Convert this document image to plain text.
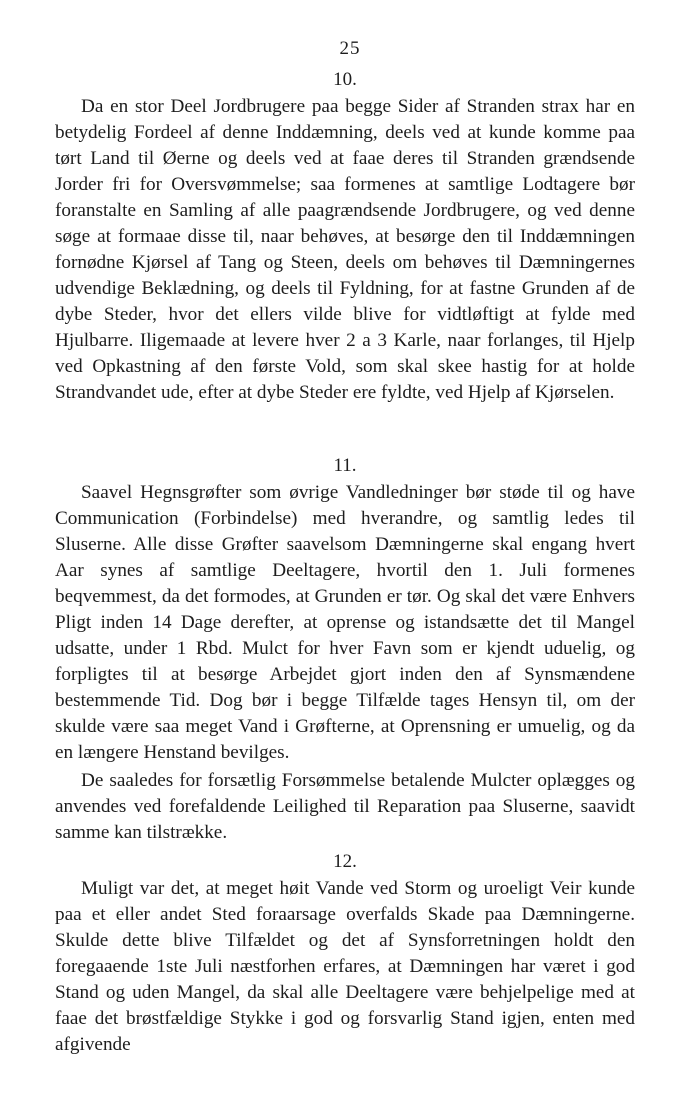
25
10.

Da en stor Deel Jordbrugere paa begge Sider af Stranden strax har en betydelig Fordeel af denne Inddæmning, deels ved at kunde komme paa tørt Land til Øerne og deels ved at faae deres til Stranden grændsende Jorder fri for Oversvømmelse; saa formenes at samtlige Lodtagere bør foranstalte en Samling af alle paagrændsende Jordbrugere, og ved denne søge at formaae disse til, naar behøves, at besørge den til Inddæmningen fornødne Kjørsel af Tang og Steen, deels om behøves til Dæmningernes udvendige Beklædning, og deels til Fyldning, for at fastne Grunden af de dybe Steder, hvor det ellers vilde blive for vidtløftigt at fylde med Hjulbarre. Iligemaade at levere hver 2 a 3 Karle, naar forlanges, til Hjelp ved Opkastning af den første Vold, som skal skee hastig for at holde Strandvandet ude, efter at dybe Steder ere fyldte, ved Hjelp af Kjørselen.

11.

Saavel Hegnsgrøfter som øvrige Vandledninger bør støde til og have Communication (Forbindelse) med hverandre, og samtlig ledes til Sluserne. Alle disse Grøfter saavelsom Dæmningerne skal engang hvert Aar synes af samtlige Deeltagere, hvortil den 1. Juli formenes beqvemmest, da det formodes, at Grunden er tør. Og skal det være Enhvers Pligt inden 14 Dage derefter, at oprense og istandsætte det til Mangel udsatte, under 1 Rbd. Mulct for hver Favn som er kjendt uduelig, og forpligtes til at besørge Arbejdet gjort inden den af Synsmændene bestemmende Tid. Dog bør i begge Tilfælde tages Hensyn til, om der skulde være saa meget Vand i Grøfterne, at Oprensning er umuelig, og da en længere Henstand bevilges.

De saaledes for forsætlig Forsømmelse betalende Mulcter oplægges og anvendes ved forefaldende Leilighed til Reparation paa Sluserne, saavidt samme kan tilstrække.

12.

Muligt var det, at meget høit Vande ved Storm og uroeligt Veir kunde paa et eller andet Sted foraarsage overfalds Skade paa Dæmningerne. Skulde dette blive Tilfældet og det af Synsforretningen holdt den foregaaende 1ste Juli næstforhen erfares, at Dæmningen har været i god Stand og uden Mangel, da skal alle Deeltagere være behjelpelige med at faae det brøstfældige Stykke i god og forsvarlig Stand igjen, enten med afgivende
